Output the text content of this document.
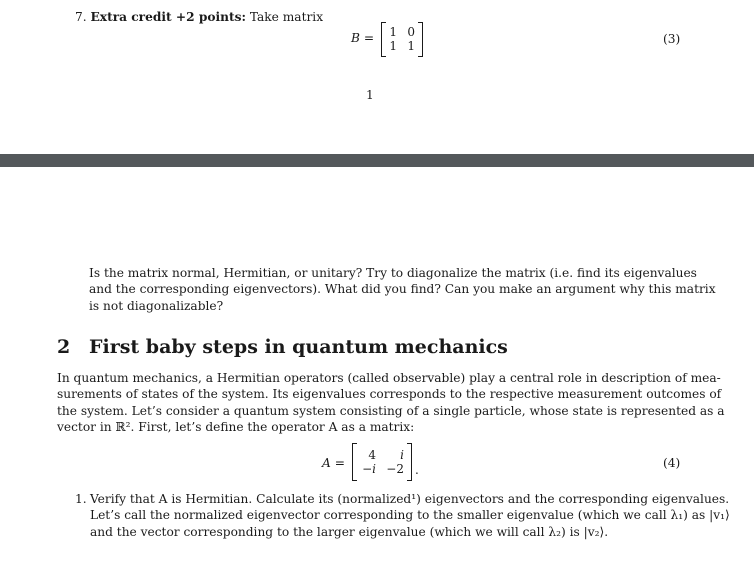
7. Extra credit +2 points: Take matrix
B = 1 0
1 1	(3)
1
Is the matrix normal, Hermitian, or unitary? Try to diagonalize the matrix (i.e. find its eigenvalues
and the corresponding eigenvectors). What did you find? Can you make an argument why this matrix
is not diagonalizable?
2 First baby steps in quantum mechanics
In quantum mechanics, a Hermitian operators (called observable) play a central role in description of mea-
surements of states of the system. Its eigenvalues corresponds to the respective measurement outcomes of
the system. Let’s consider a quantum system consisting of a single particle, whose state is represented as a
vector in ℝ². First, let’s define the operator A as a matrix:
A =
4	i
−i −2 .	(4)
1. Verify that A is Hermitian. Calculate its (normalized¹) eigenvectors and the corresponding eigenvalues.
Let’s call the normalized eigenvector corresponding to the smaller eigenvalue (which we call λ₁) as |v₁⟩
and the vector corresponding to the larger eigenvalue (which we will call λ₂) is |v₂⟩.
